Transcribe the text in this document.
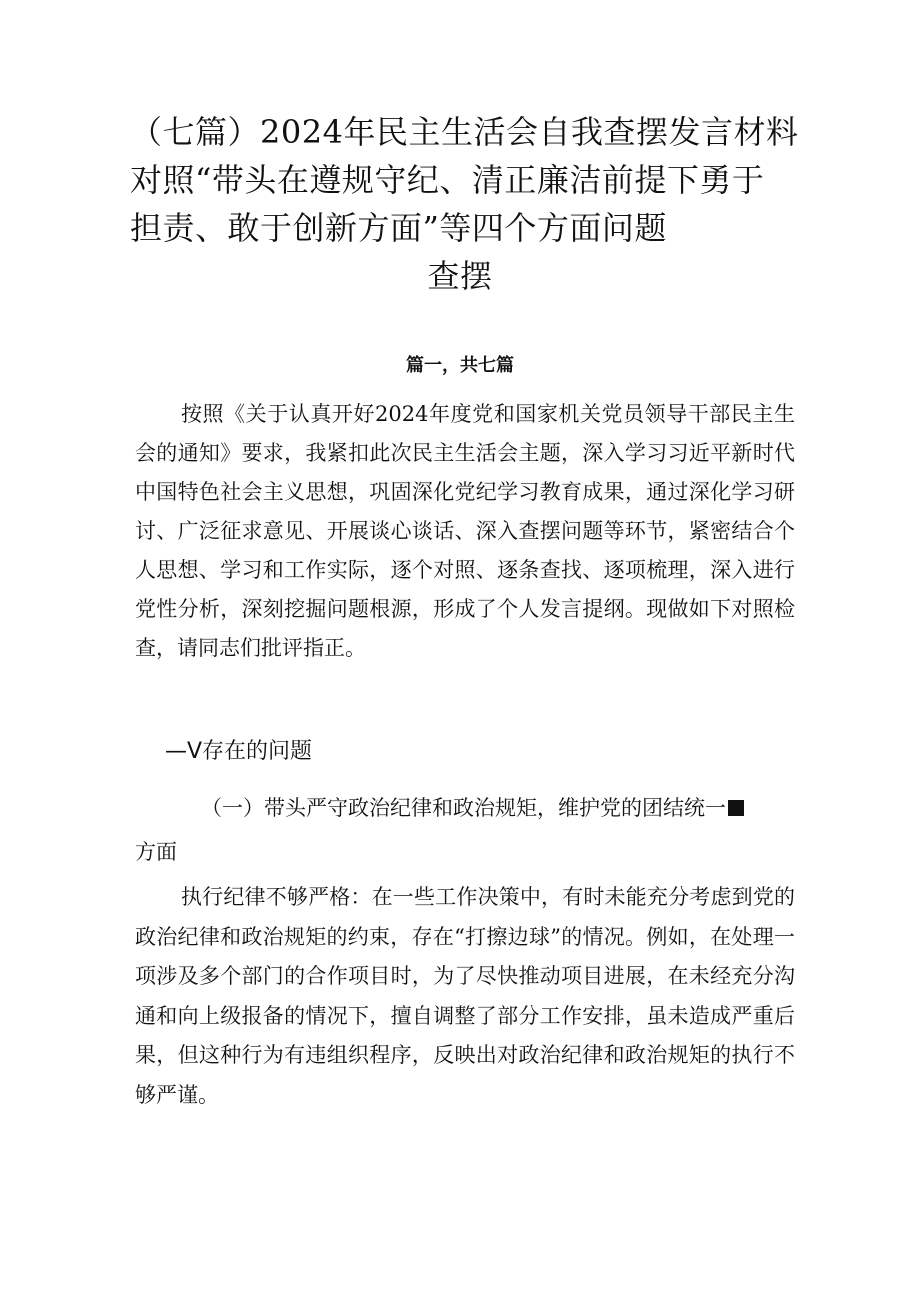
（七篇）2024年民主生活会自我查摆发言材料
对照“带头在遵规守纪、清正廉洁前提下勇于
担责、敢于创新方面”等四个方面问题
查摆
篇一，共七篇

按照《关于认真开好2024年度党和国家机关党员领导干部民主生会的通知》要求，我紧扣此次民主生活会主题，深入学习习近平新时代中国特色社会主义思想，巩固深化党纪学习教育成果，通过深化学习研讨、广泛征求意见、开展谈心谈话、深入查摆问题等环节，紧密结合个人思想、学习和工作实际，逐个对照、逐条查找、逐项梳理，深入进行党性分析，深刻挖掘问题根源，形成了个人发言提纲。现做如下对照检查，请同志们批评指正。

—V存在的问题

（一）带头严守政治纪律和政治规矩，维护党的团结统一
方面

执行纪律不够严格：在一些工作决策中，有时未能充分考虑到党的政治纪律和政治规矩的约束，存在“打擦边球”的情况。例如，在处理一项涉及多个部门的合作项目时，为了尽快推动项目进展，在未经充分沟通和向上级报备的情况下，擅自调整了部分工作安排，虽未造成严重后果，但这种行为有违组织程序，反映出对政治纪律和政治规矩的执行不够严谨。
